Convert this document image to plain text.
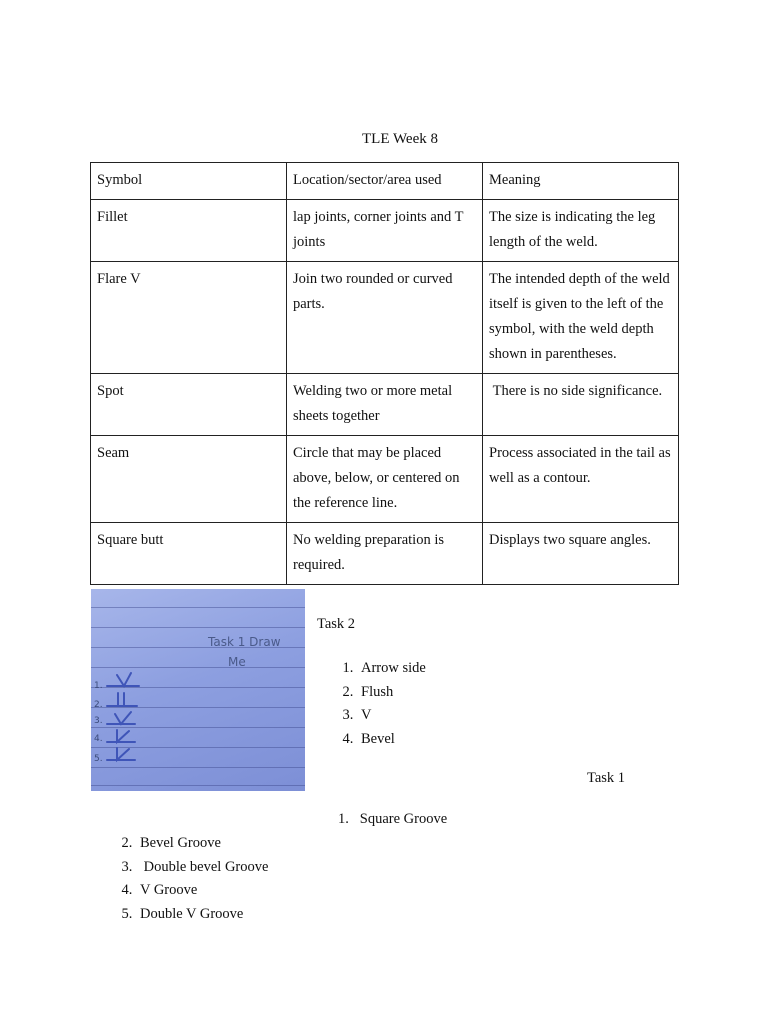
TLE Week 8
Symbol	Location/sector/area used	Meaning
Fillet	lap joints, corner joints and T joints	The size is indicating the leg length of the weld.
Flare V	Join two rounded or curved parts.	The intended depth of the weld itself is given to the left of the symbol, with the weld depth shown in parentheses.
Spot	Welding two or more metal sheets together	There is no side significance.
Seam	Circle that may be placed above, below, or centered on the reference line.	Process associated in the tail as well as a contour.
Square butt	No welding preparation is required.	Displays two square angles.
Task 1 Draw
Me
1.
2.
3.
4.
5.
Task 2
1. Arrow side
2. Flush
3. V
4. Bevel
Task 1
1. Square Groove
2. Bevel Groove
3.  Double bevel Groove
4. V Groove
5. Double V Groove
